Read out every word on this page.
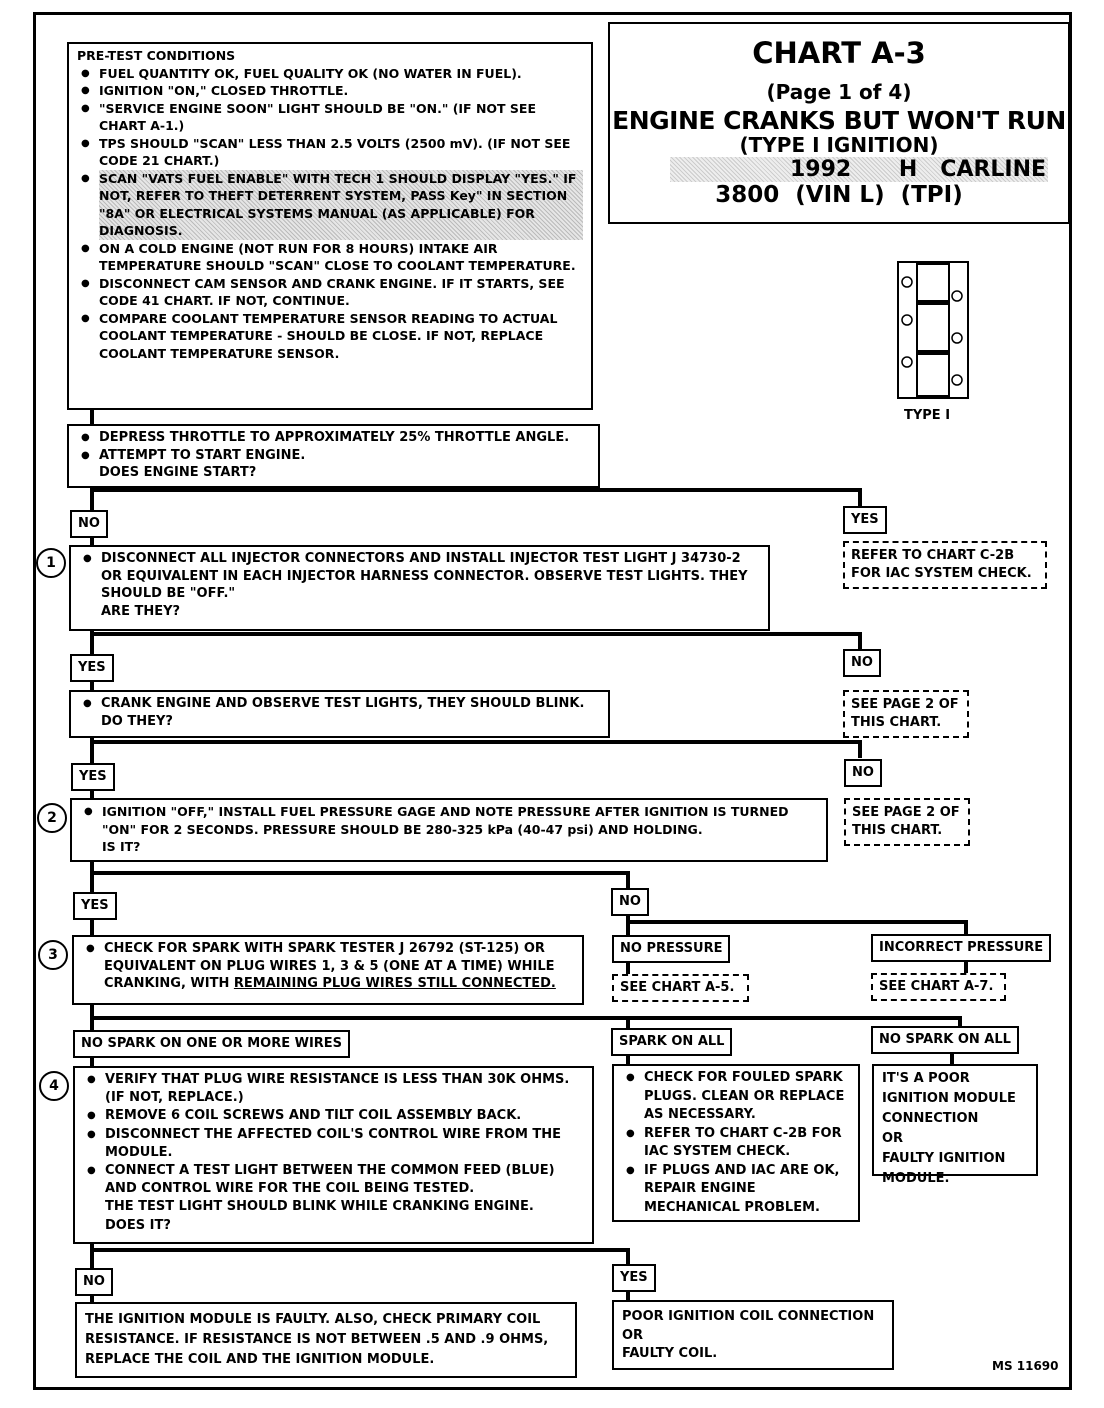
CHART A-3
(Page 1 of 4)
ENGINE CRANKS BUT WON'T RUN
(TYPE I IGNITION)
1992 H   CARLINE
3800  (VIN L)  (TPI)
PRE-TEST CONDITIONS
● FUEL QUANTITY OK, FUEL QUALITY OK (NO WATER IN FUEL).
● IGNITION "ON," CLOSED THROTTLE.
● "SERVICE ENGINE SOON" LIGHT SHOULD BE "ON." (IF NOT SEE CHART A-1.)
● TPS SHOULD "SCAN" LESS THAN 2.5 VOLTS (2500 mV). (IF NOT SEE CODE 21 CHART.)
● SCAN "VATS FUEL ENABLE" WITH TECH 1 SHOULD DISPLAY "YES." IF NOT, REFER TO THEFT DETERRENT SYSTEM, PASS Key" IN SECTION "8A" OR ELECTRICAL SYSTEMS MANUAL (AS APPLICABLE) FOR DIAGNOSIS.
● ON A COLD ENGINE (NOT RUN FOR 8 HOURS) INTAKE AIR TEMPERATURE SHOULD "SCAN" CLOSE TO COOLANT TEMPERATURE.
● DISCONNECT CAM SENSOR AND CRANK ENGINE. IF IT STARTS, SEE CODE 41 CHART. IF NOT, CONTINUE.
● COMPARE COOLANT TEMPERATURE SENSOR READING TO ACTUAL COOLANT TEMPERATURE - SHOULD BE CLOSE. IF NOT, REPLACE COOLANT TEMPERATURE SENSOR.
TYPE I
● DEPRESS THROTTLE TO APPROXIMATELY 25% THROTTLE ANGLE.
● ATTEMPT TO START ENGINE.
DOES ENGINE START?
NO	YES
REFER TO CHART C-2B FOR IAC SYSTEM CHECK.
1	● DISCONNECT ALL INJECTOR CONNECTORS AND INSTALL INJECTOR TEST LIGHT J 34730-2 OR EQUIVALENT IN EACH INJECTOR HARNESS CONNECTOR. OBSERVE TEST LIGHTS. THEY SHOULD BE "OFF."
ARE THEY?
YES	NO
SEE PAGE 2 OF THIS CHART.
● CRANK ENGINE AND OBSERVE TEST LIGHTS, THEY SHOULD BLINK.
DO THEY?
YES	NO
SEE PAGE 2 OF THIS CHART.
2	● IGNITION "OFF," INSTALL FUEL PRESSURE GAGE AND NOTE PRESSURE AFTER IGNITION IS TURNED "ON" FOR 2 SECONDS. PRESSURE SHOULD BE 280-325 kPa (40-47 psi) AND HOLDING.
IS IT?
YES	NO
NO PRESSURE	INCORRECT PRESSURE
SEE CHART A-5.	SEE CHART A-7.
3	● CHECK FOR SPARK WITH SPARK TESTER J 26792 (ST-125) OR EQUIVALENT ON PLUG WIRES 1, 3 & 5 (ONE AT A TIME) WHILE CRANKING, WITH REMAINING PLUG WIRES STILL CONNECTED.
NO SPARK ON ONE OR MORE WIRES	SPARK ON ALL	NO SPARK ON ALL
4	● VERIFY THAT PLUG WIRE RESISTANCE IS LESS THAN 30K OHMS. (IF NOT, REPLACE.)
● REMOVE 6 COIL SCREWS AND TILT COIL ASSEMBLY BACK.
● DISCONNECT THE AFFECTED COIL'S CONTROL WIRE FROM THE MODULE.
● CONNECT A TEST LIGHT BETWEEN THE COMMON FEED (BLUE) AND CONTROL WIRE FOR THE COIL BEING TESTED.
THE TEST LIGHT SHOULD BLINK WHILE CRANKING ENGINE.
DOES IT?
● CHECK FOR FOULED SPARK PLUGS. CLEAN OR REPLACE AS NECESSARY.
● REFER TO CHART C-2B FOR IAC SYSTEM CHECK.
● IF PLUGS AND IAC ARE OK, REPAIR ENGINE MECHANICAL PROBLEM.
IT'S A POOR IGNITION MODULE CONNECTION
OR
FAULTY IGNITION MODULE.
NO	YES
THE IGNITION MODULE IS FAULTY. ALSO, CHECK PRIMARY COIL RESISTANCE. IF RESISTANCE IS NOT BETWEEN .5 AND .9 OHMS, REPLACE THE COIL AND THE IGNITION MODULE.
POOR IGNITION COIL CONNECTION
OR
FAULTY COIL.
MS 11690
